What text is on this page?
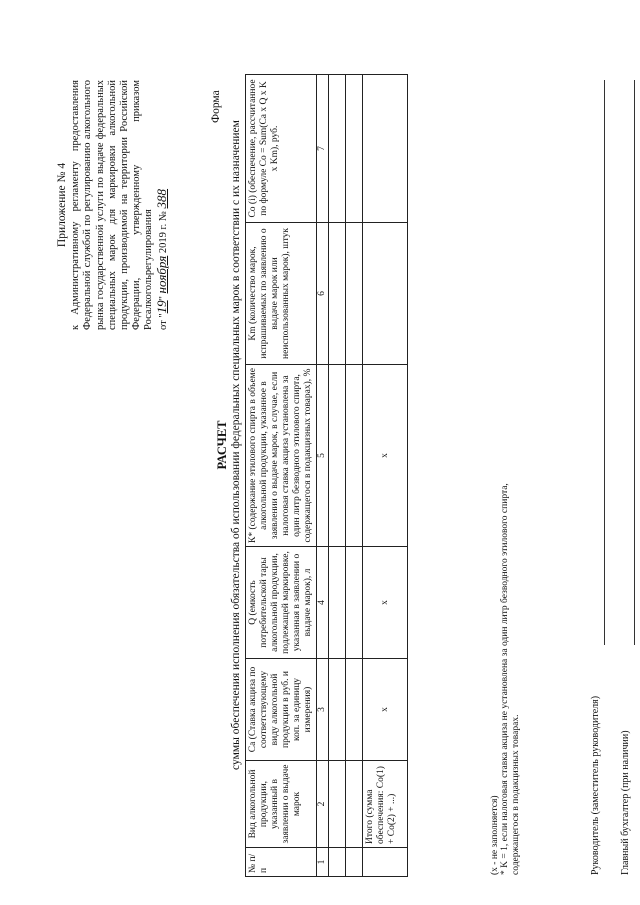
Приложение № 4 к Административному регламенту предоставления Федеральной службой по регулированию алкогольного рынка государственной услуги по выдаче федеральных специальных марок для маркировки алкогольной продукции, производимой на территории Российской Федерации, утвержденному приказом Росалкогольрегулирования от "19" ноября 2019 г. № 388
Форма
РАСЧЕТ суммы обеспечения исполнения обязательства об использовании федеральных специальных марок в соответствии с их назначением
№ п/п	Вид алкогольной продукции, указанный в заявлении о выдаче марок	Са (Ставка акциза по соответствующему виду алкогольной продукции в руб. и коп. за единицу измерения)	Q (емкость потребительской тары алкогольной продукции, подлежащей маркировке, указанная в заявлении о выдаче марок), л	К* (содержание этилового спирта в объеме алкогольной продукции, указанное в заявлении о выдаче марок, в случае, если налоговая ставка акциза установлена за один литр безводного этилового спирта, содержащегося в подакцизных товарах), %	Km (количество марок, испрашиваемых по заявлению о выдаче марок или неиспользованных марок), штук	Co (i) (обеспечение, рассчитанное по формуле Co = Sum(Ca x Q x K x Km), руб.
1	2	3	4	5	6	7

	Итого (сумма обеспечения: Co(1) + Co(2) + ...)	x	x	x		
(x - не заполняется) * K = 1, если налоговая ставка акциза не установлена за один литр безводного этилового спирта, содержащегося в подакцизных товарах.	Руководитель (заместитель руководителя) Главный бухгалтер (при наличии)
